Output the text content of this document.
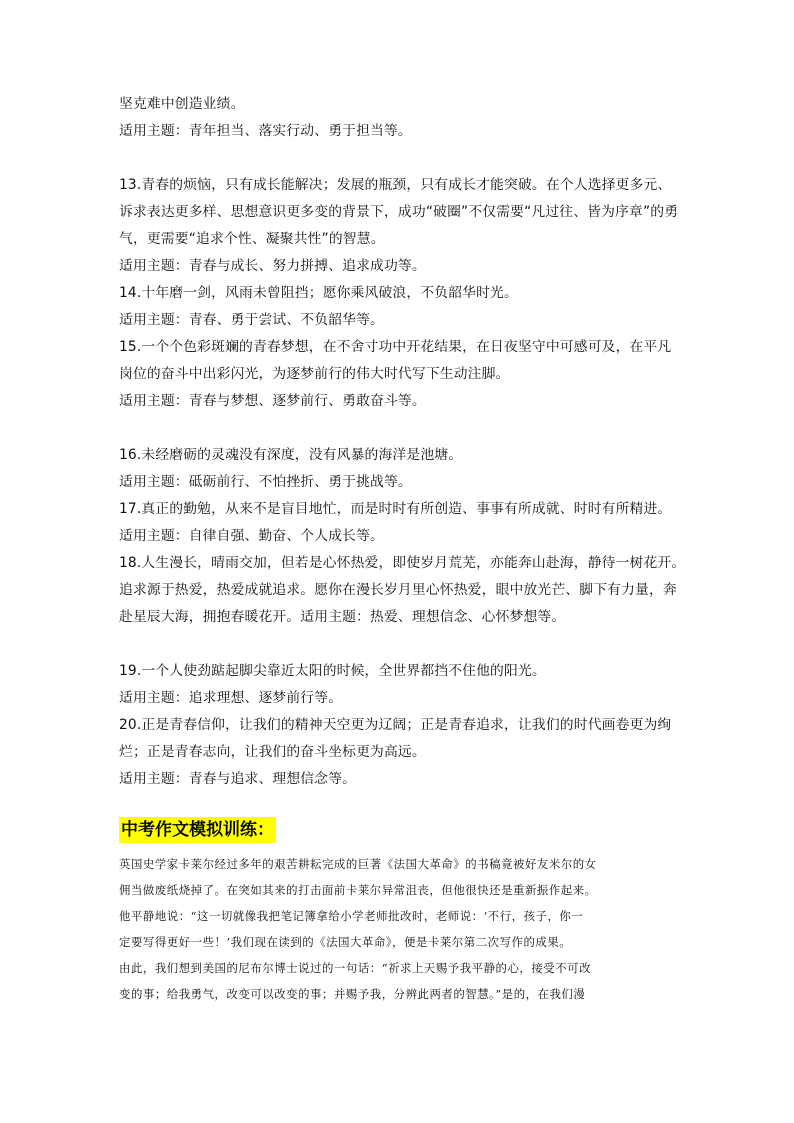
坚克难中创造业绩。
适用主题：青年担当、落实行动、勇于担当等。
13.青春的烦恼，只有成长能解决；发展的瓶颈，只有成长才能突破。在个人选择更多元、
诉求表达更多样、思想意识更多变的背景下，成功“破圈”不仅需要“凡过往、皆为序章”的勇
气，更需要“追求个性、凝聚共性”的智慧。
适用主题：青春与成长、努力拼搏、追求成功等。
14.十年磨一剑，风雨未曾阻挡；愿你乘风破浪，不负韶华时光。
适用主题：青春、勇于尝试、不负韶华等。
15.一个个色彩斑斓的青春梦想，在不舍寸功中开花结果，在日夜坚守中可感可及，在平凡
岗位的奋斗中出彩闪光，为逐梦前行的伟大时代写下生动注脚。
适用主题：青春与梦想、逐梦前行、勇敢奋斗等。
16.未经磨砺的灵魂没有深度，没有风暴的海洋是池塘。
适用主题：砥砺前行、不怕挫折、勇于挑战等。
17.真正的勤勉，从来不是盲目地忙，而是时时有所创造、事事有所成就、时时有所精进。
适用主题：自律自强、勤奋、个人成长等。
18.人生漫长，晴雨交加，但若是心怀热爱，即使岁月荒芜，亦能奔山赴海，静待一树花开。
追求源于热爱，热爱成就追求。愿你在漫长岁月里心怀热爱，眼中放光芒、脚下有力量，奔
赴星辰大海，拥抱春暖花开。适用主题：热爱、理想信念、心怀梦想等。
19.一个人使劲踮起脚尖靠近太阳的时候，全世界都挡不住他的阳光。
适用主题：追求理想、逐梦前行等。
20.正是青春信仰，让我们的精神天空更为辽阔；正是青春追求，让我们的时代画卷更为绚
烂；正是青春志向，让我们的奋斗坐标更为高远。
适用主题：青春与追求、理想信念等。
中考作文模拟训练：
英国史学家卡莱尔经过多年的艰苦耕耘完成的巨著《法国大革命》的书稿竟被好友米尔的女
佣当做废纸烧掉了。在突如其来的打击面前卡莱尔异常沮丧，但他很快还是重新振作起来。
他平静地说：“这一切就像我把笔记簿拿给小学老师批改时，老师说：‘不行，孩子，你一
定要写得更好一些！’我们现在读到的《法国大革命》，便是卡莱尔第二次写作的成果。
由此，我们想到美国的尼布尔博士说过的一句话：“祈求上天赐予我平静的心，接受不可改
变的事；给我勇气，改变可以改变的事；并赐予我，分辨此两者的智慧。”是的，在我们漫
